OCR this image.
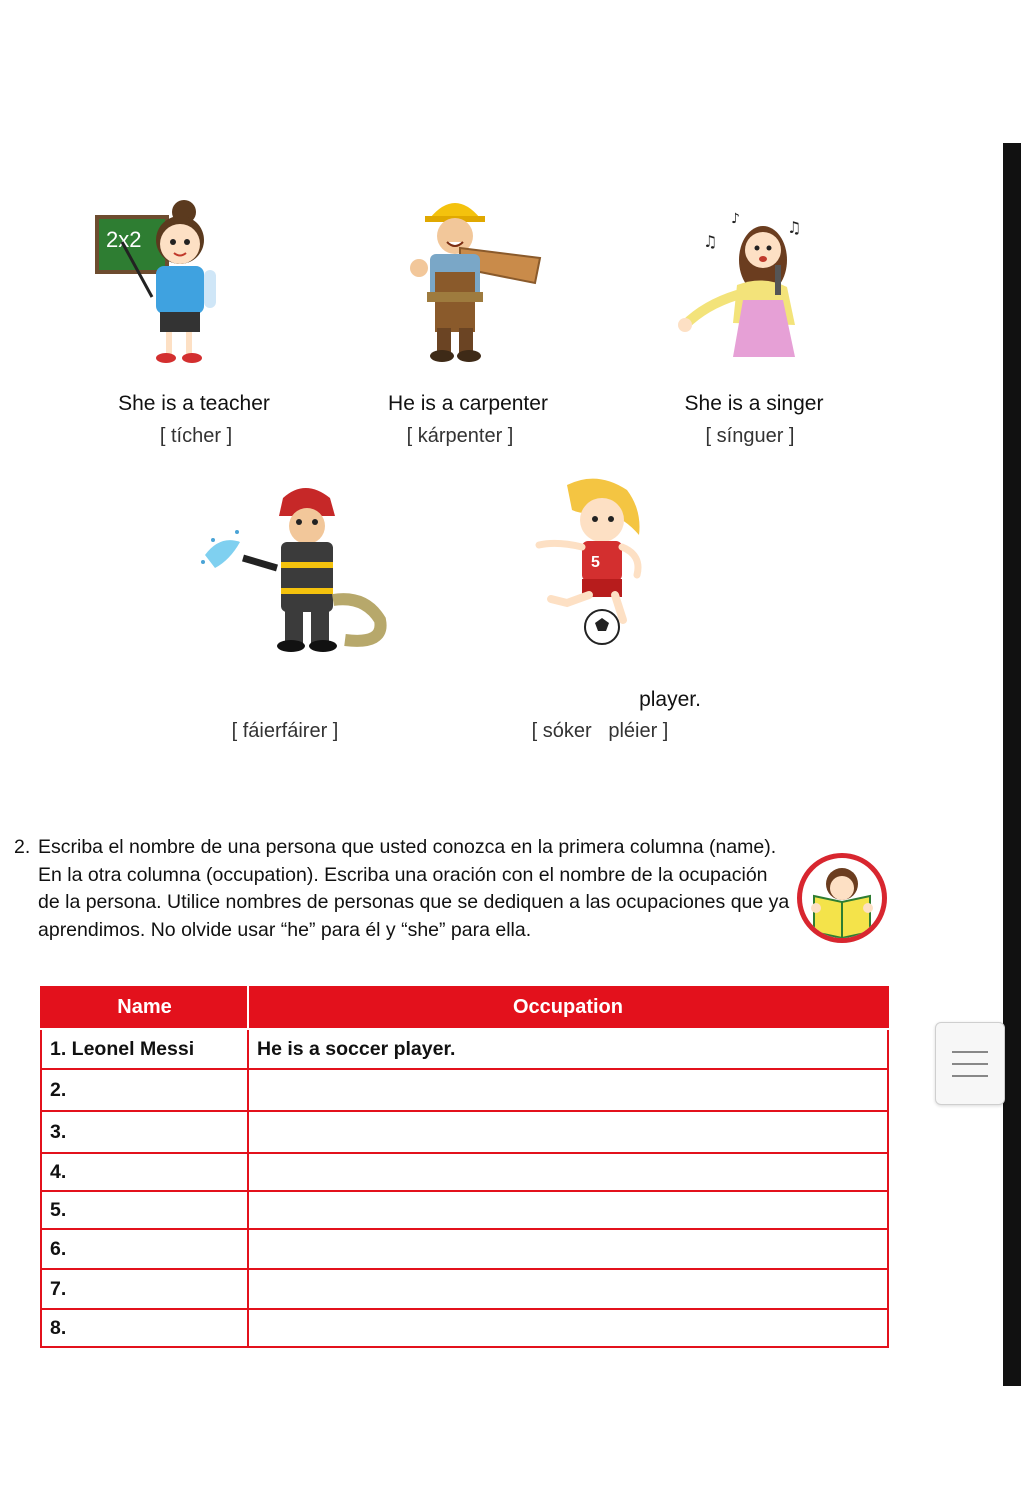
2x2	♫
♪	♫
5
She is a teacher	He is a carpenter	She is a singer
[ tícher ]	[ kárpenter ]	[ sínguer ]
player.
[ fáierfáirer ]	[ sóker   pléier ]
2. Escriba el nombre de una persona que usted conozca en la primera columna (name). En la otra columna (occupation). Escriba una oración con el nombre de la ocupación de la persona. Utilice nombres de personas que se dediquen a las ocupaciones que ya aprendimos. No olvide usar “he” para él y “she” para ella.
Name	Occupation
1. Leonel Messi	He is a soccer player.
2.	
3.	
4.	
5.	
6.	
7.	
8.	
